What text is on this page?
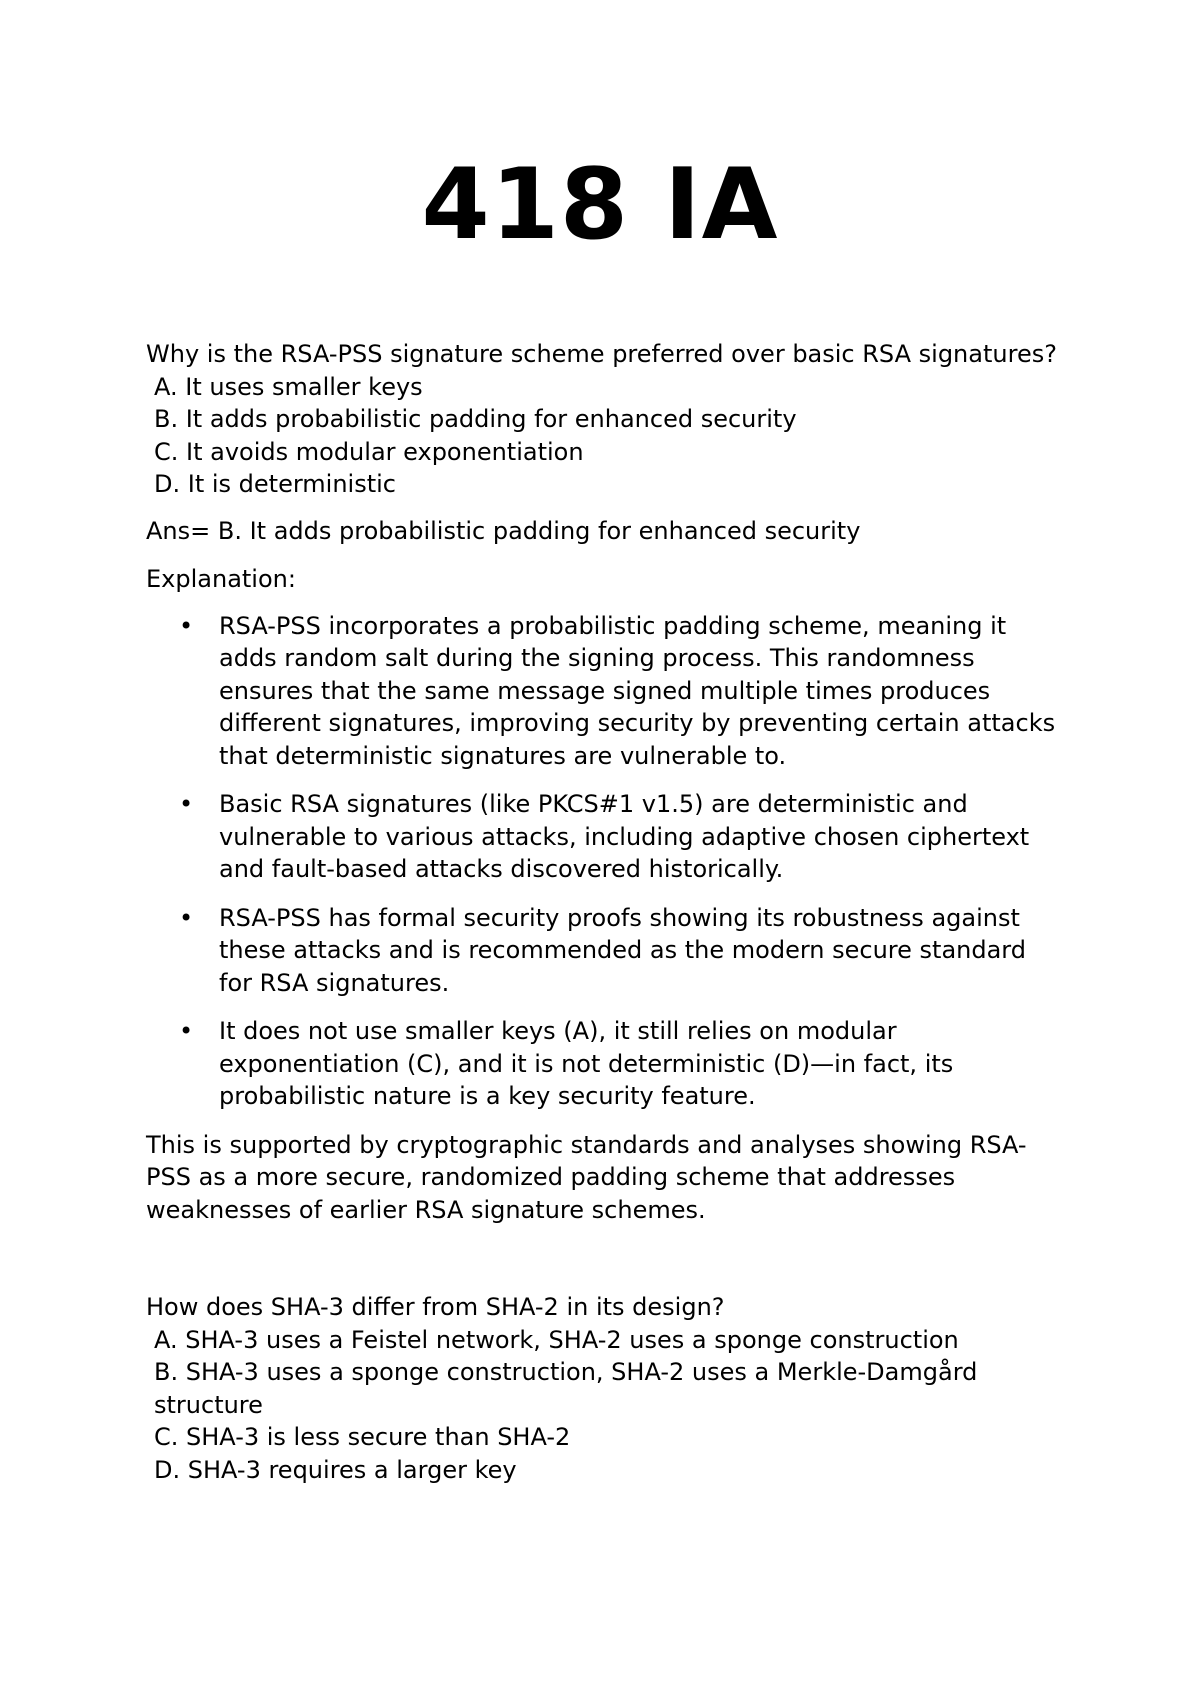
418 IA

Why is the RSA-PSS signature scheme preferred over basic RSA signatures?

A. It uses smaller keys

B. It adds probabilistic padding for enhanced security

C. It avoids modular exponentiation

D. It is deterministic

Ans= B. It adds probabilistic padding for enhanced security

Explanation:

• RSA-PSS incorporates a probabilistic padding scheme, meaning it adds random salt during the signing process. This randomness ensures that the same message signed multiple times produces different signatures, improving security by preventing certain attacks that deterministic signatures are vulnerable to.
• Basic RSA signatures (like PKCS#1 v1.5) are deterministic and vulnerable to various attacks, including adaptive chosen ciphertext and fault-based attacks discovered historically.
• RSA-PSS has formal security proofs showing its robustness against these attacks and is recommended as the modern secure standard for RSA signatures.
• It does not use smaller keys (A), it still relies on modular exponentiation (C), and it is not deterministic (D)—in fact, its probabilistic nature is a key security feature.

This is supported by cryptographic standards and analyses showing RSA-PSS as a more secure, randomized padding scheme that addresses weaknesses of earlier RSA signature schemes.

How does SHA-3 differ from SHA-2 in its design?

A. SHA-3 uses a Feistel network, SHA-2 uses a sponge construction

B. SHA-3 uses a sponge construction, SHA-2 uses a Merkle-Damgård structure

C. SHA-3 is less secure than SHA-2

D. SHA-3 requires a larger key
